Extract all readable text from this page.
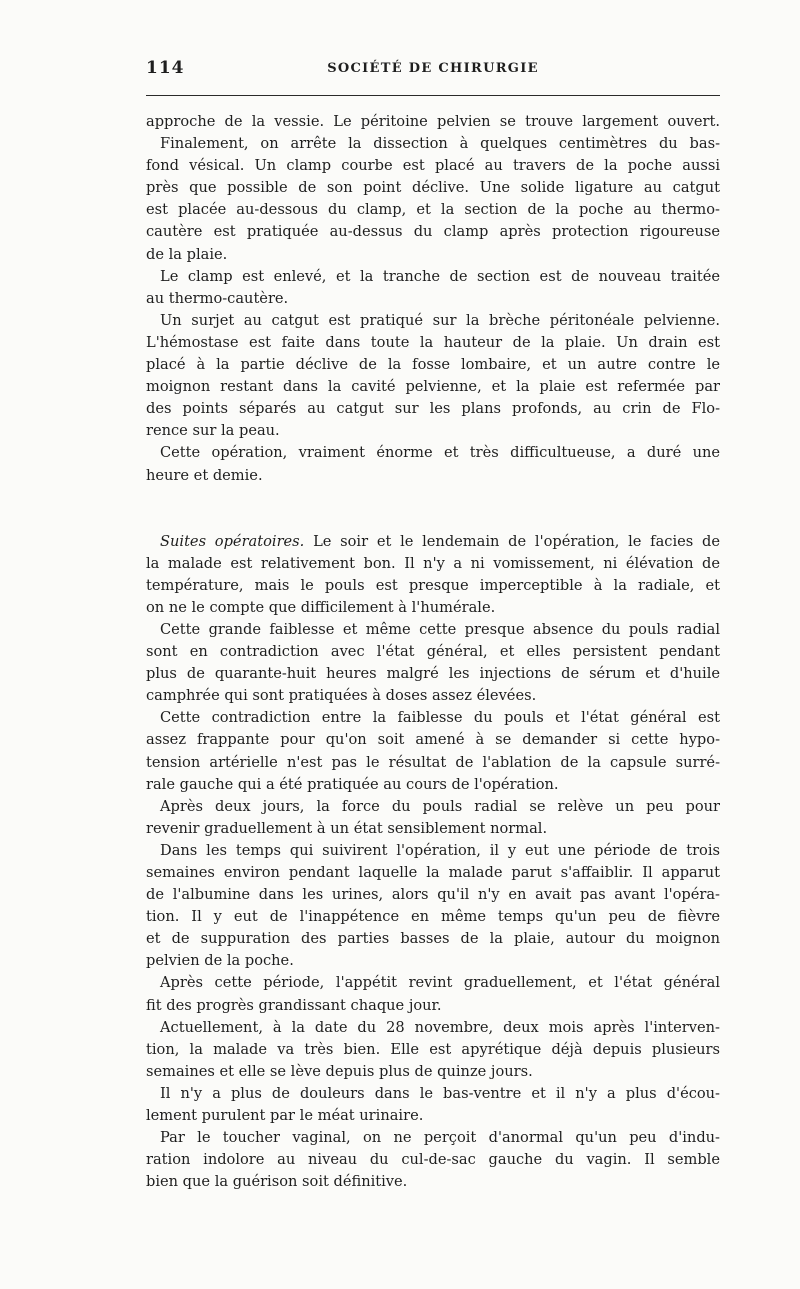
114	SOCIÉTÉ DE CHIRURGIE
approche de la vessie. Le péritoine pelvien se trouve largement ouvert.
Finalement, on arrête la dissection à quelques centimètres du bas-
fond vésical. Un clamp courbe est placé au travers de la poche aussi
près que possible de son point déclive. Une solide ligature au catgut
est placée au-dessous du clamp, et la section de la poche au thermo-
cautère est pratiquée au-dessus du clamp après protection rigoureuse
de la plaie.
Le clamp est enlevé, et la tranche de section est de nouveau traitée
au thermo-cautère.
Un surjet au catgut est pratiqué sur la brèche péritonéale pelvienne.
L'hémostase est faite dans toute la hauteur de la plaie. Un drain est
placé à la partie déclive de la fosse lombaire, et un autre contre le
moignon restant dans la cavité pelvienne, et la plaie est refermée par
des points séparés au catgut sur les plans profonds, au crin de Flo-
rence sur la peau.
Cette opération, vraiment énorme et très difficultueuse, a duré une
heure et demie.
Suites opératoires. Le soir et le lendemain de l'opération, le facies de
la malade est relativement bon. Il n'y a ni vomissement, ni élévation de
température, mais le pouls est presque imperceptible à la radiale, et
on ne le compte que difficilement à l'humérale.
Cette grande faiblesse et même cette presque absence du pouls radial
sont en contradiction avec l'état général, et elles persistent pendant
plus de quarante-huit heures malgré les injections de sérum et d'huile
camphrée qui sont pratiquées à doses assez élevées.
Cette contradiction entre la faiblesse du pouls et l'état général est
assez frappante pour qu'on soit amené à se demander si cette hypo-
tension artérielle n'est pas le résultat de l'ablation de la capsule surré-
rale gauche qui a été pratiquée au cours de l'opération.
Après deux jours, la force du pouls radial se relève un peu pour
revenir graduellement à un état sensiblement normal.
Dans les temps qui suivirent l'opération, il y eut une période de trois
semaines environ pendant laquelle la malade parut s'affaiblir. Il apparut
de l'albumine dans les urines, alors qu'il n'y en avait pas avant l'opéra-
tion. Il y eut de l'inappétence en même temps qu'un peu de fièvre
et de suppuration des parties basses de la plaie, autour du moignon
pelvien de la poche.
Après cette période, l'appétit revint graduellement, et l'état général
fit des progrès grandissant chaque jour.
Actuellement, à la date du 28 novembre, deux mois après l'interven-
tion, la malade va très bien. Elle est apyrétique déjà depuis plusieurs
semaines et elle se lève depuis plus de quinze jours.
Il n'y a plus de douleurs dans le bas-ventre et il n'y a plus d'écou-
lement purulent par le méat urinaire.
Par le toucher vaginal, on ne perçoit d'anormal qu'un peu d'indu-
ration indolore au niveau du cul-de-sac gauche du vagin. Il semble
bien que la guérison soit définitive.
